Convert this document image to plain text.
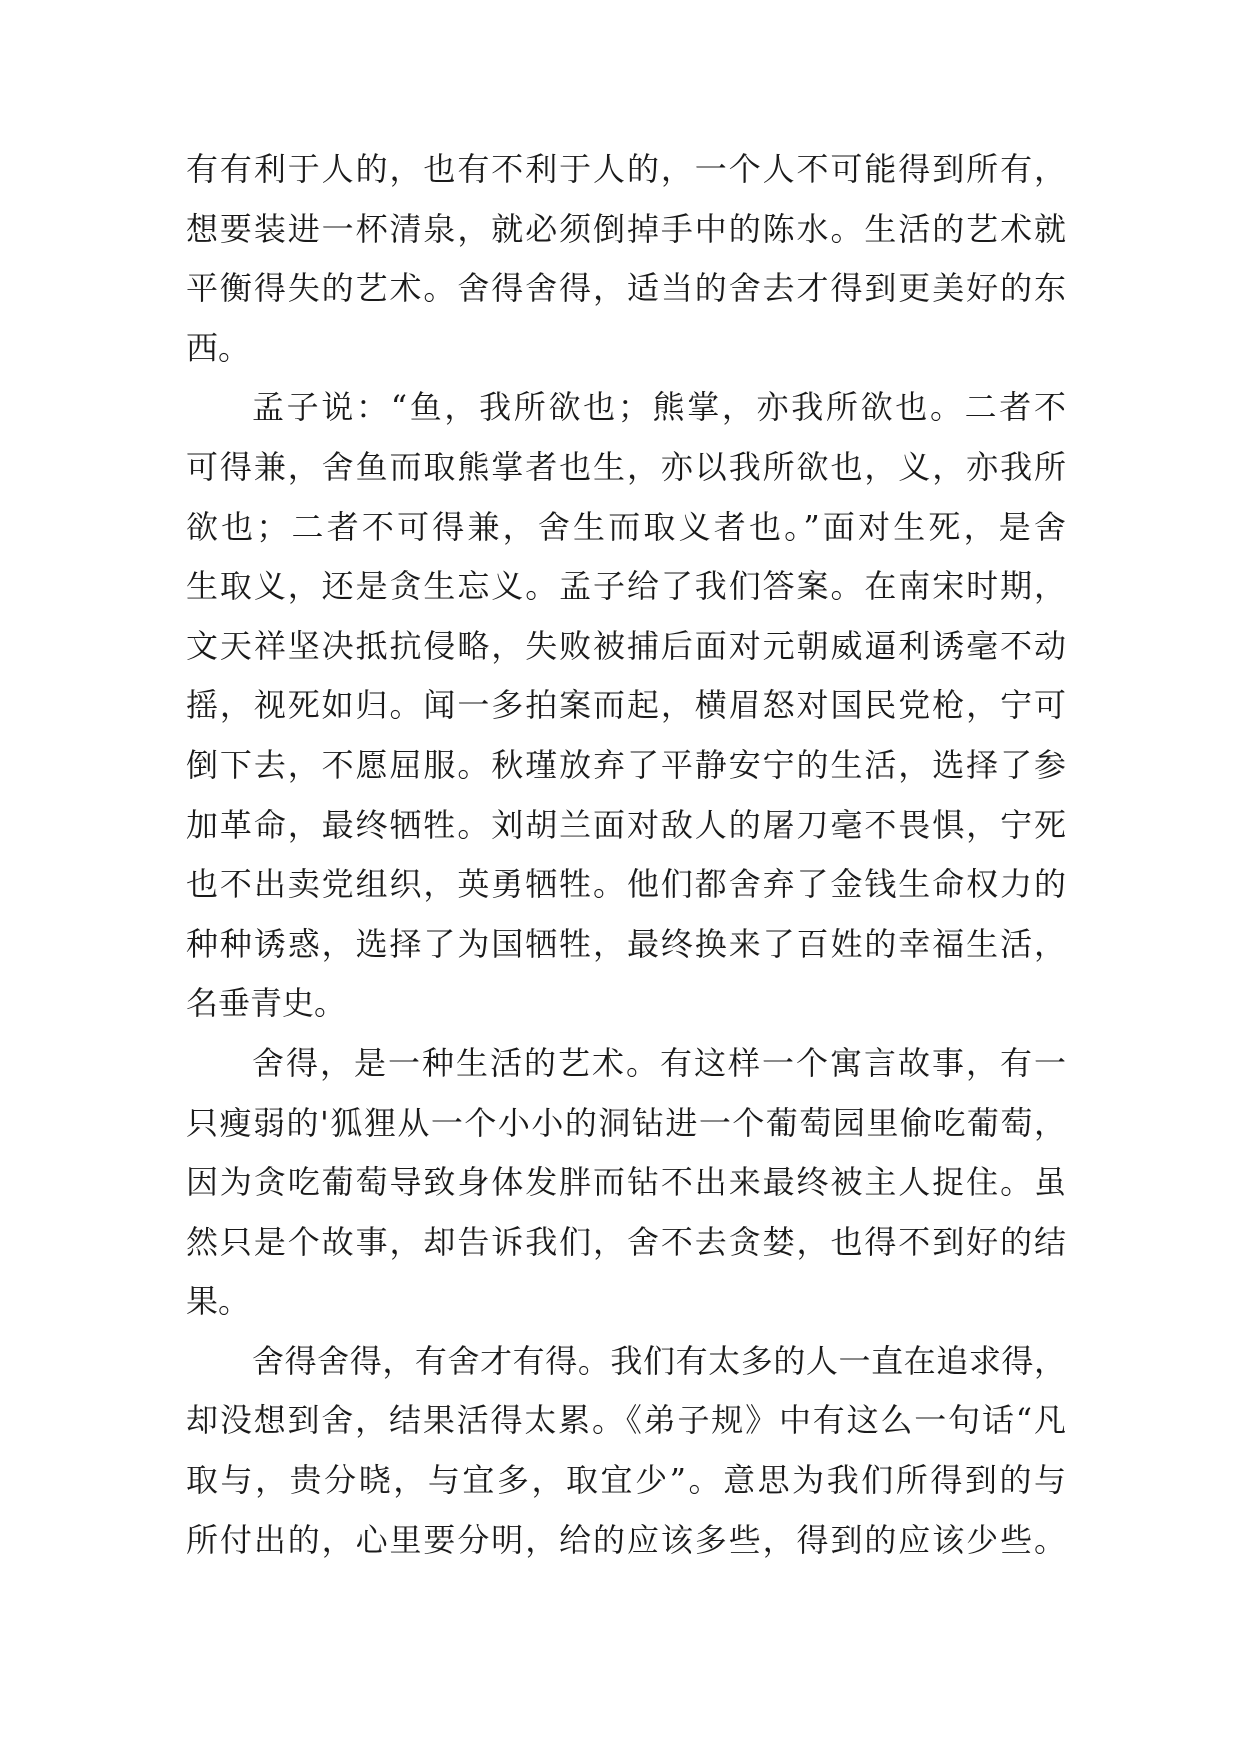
有有利于人的，也有不利于人的，一个人不可能得到所有，
想要装进一杯清泉，就必须倒掉手中的陈水。生活的艺术就
平衡得失的艺术。舍得舍得，适当的舍去才得到更美好的东
西。
孟子说：“鱼，我所欲也；熊掌，亦我所欲也。二者不
可得兼，舍鱼而取熊掌者也生，亦以我所欲也，义，亦我所
欲也；二者不可得兼，舍生而取义者也。”面对生死，是舍
生取义，还是贪生忘义。孟子给了我们答案。在南宋时期，
文天祥坚决抵抗侵略，失败被捕后面对元朝威逼利诱毫不动
摇，视死如归。闻一多拍案而起，横眉怒对国民党枪，宁可
倒下去，不愿屈服。秋瑾放弃了平静安宁的生活，选择了参
加革命，最终牺牲。刘胡兰面对敌人的屠刀毫不畏惧，宁死
也不出卖党组织，英勇牺牲。他们都舍弃了金钱生命权力的
种种诱惑，选择了为国牺牲，最终换来了百姓的幸福生活，
名垂青史。
舍得，是一种生活的艺术。有这样一个寓言故事，有一
只瘦弱的'狐狸从一个小小的洞钻进一个葡萄园里偷吃葡萄，
因为贪吃葡萄导致身体发胖而钻不出来最终被主人捉住。虽
然只是个故事，却告诉我们，舍不去贪婪，也得不到好的结
果。
舍得舍得，有舍才有得。我们有太多的人一直在追求得，
却没想到舍，结果活得太累。《弟子规》中有这么一句话“凡
取与，贵分晓，与宜多，取宜少”。意思为我们所得到的与
所付出的，心里要分明，给的应该多些，得到的应该少些。
